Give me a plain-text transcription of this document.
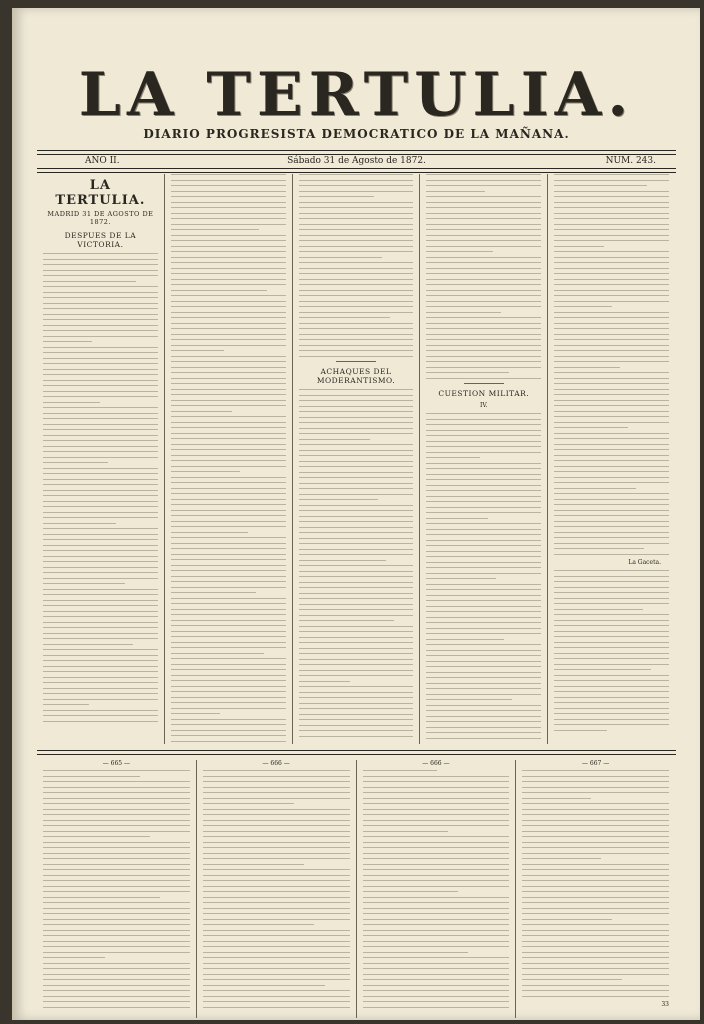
LA TERTULIA.
DIARIO PROGRESISTA DEMOCRATICO DE LA MAÑANA.
AÑO II.	Sábado 31 de Agosto de 1872.	NUM. 243.
LA TERTULIA.
MADRID 31 DE AGOSTO DE 1872.
DESPUES DE LA VICTORIA.
ACHAQUES DEL MODERANTISMO.
CUESTION MILITAR.
IV.
La Gaceta.
— 665 —	— 666 —	— 666 —	— 667 —
33
